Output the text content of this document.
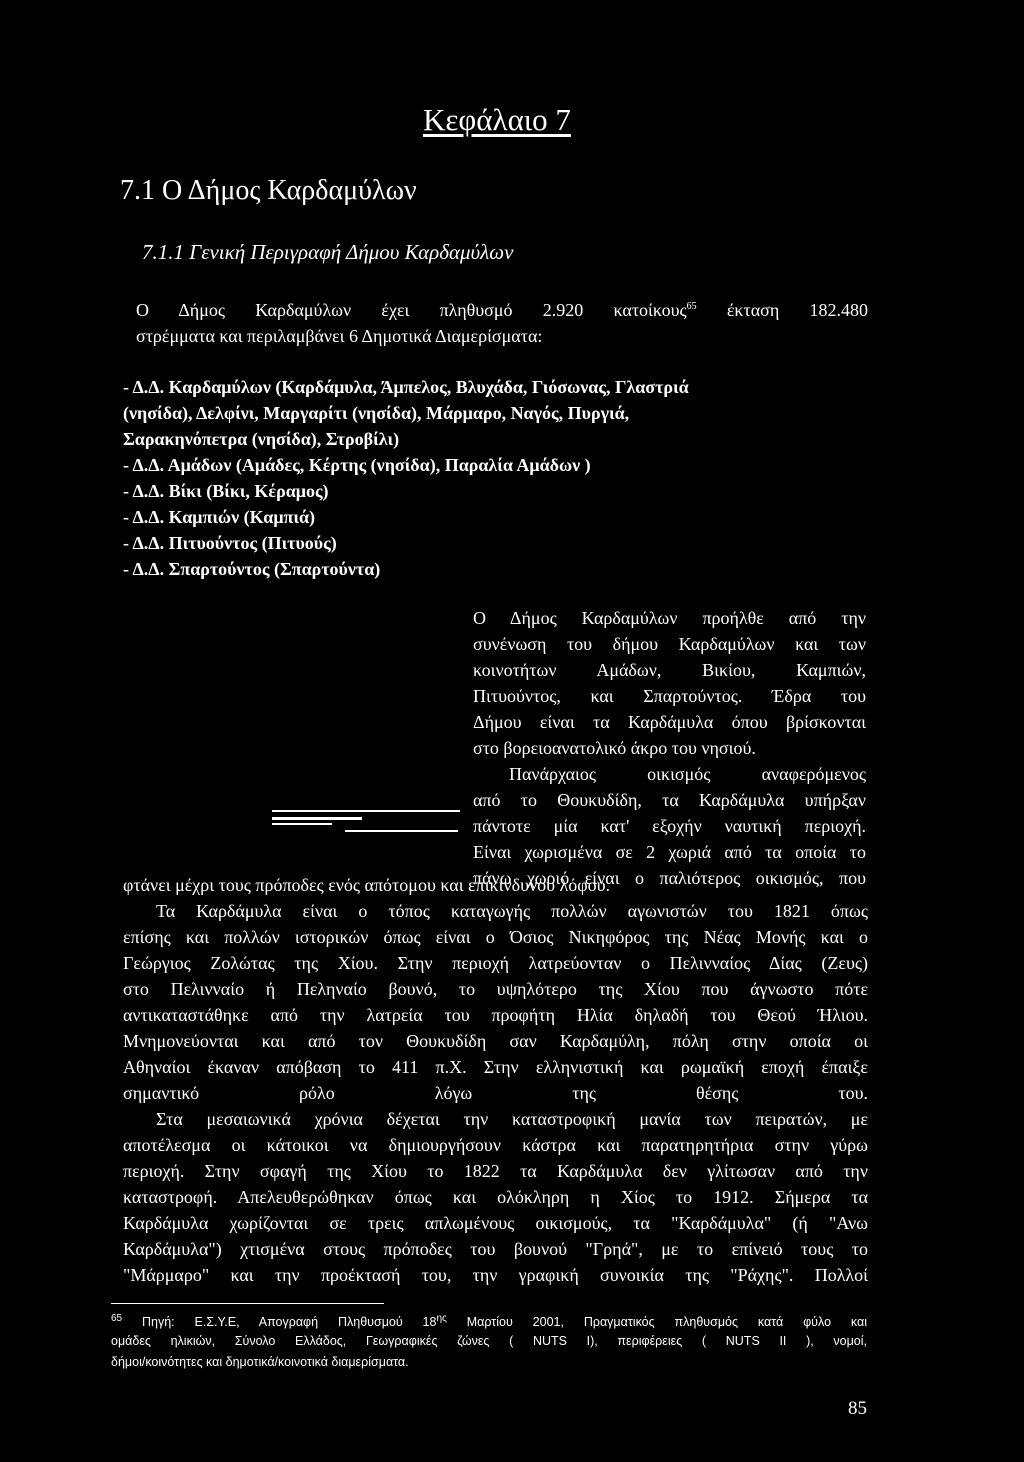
Κεφάλαιο 7
7.1 Ο Δήμος Καρδαμύλων
7.1.1 Γενική Περιγραφή Δήμου Καρδαμύλων
Ο Δήμος Καρδαμύλων έχει πληθυσμό 2.920 κατοίκους$^{65}$ έκταση 182.480
στρέμματα και περιλαμβάνει 6 Δημοτικά Διαμερίσματα:
- Δ.Δ. Καρδαμύλων (Καρδάμυλα, Άμπελος, Βλυχάδα, Γιόσωνας, Γλαστριά
(νησίδα), Δελφίνι, Μαργαρίτι (νησίδα), Μάρμαρο, Ναγός, Πυργιά,
Σαρακηνόπετρα (νησίδα), Στροβίλι)
- Δ.Δ. Αμάδων (Αμάδες, Κέρτης (νησίδα), Παραλία Αμάδων )
- Δ.Δ. Βίκι (Βίκι, Κέραμος)
- Δ.Δ. Καμπιών (Καμπιά)
- Δ.Δ. Πιτυούντος (Πιτυούς)
- Δ.Δ. Σπαρτούντος (Σπαρτούντα)
Ο Δήμος Καρδαμύλων προήλθε από την
συνένωση του δήμου Καρδαμύλων και των
κοινοτήτων Αμάδων, Βικίου, Καμπιών,
Πιτυούντος, και Σπαρτούντος. Έδρα του
Δήμου είναι τα Καρδάμυλα όπου βρίσκονται
στο βορειοανατολικό άκρο του νησιού.
Πανάρχαιος οικισμός αναφερόμενος
από το Θουκυδίδη, τα Καρδάμυλα υπήρξαν
πάντοτε μία κατ' εξοχήν ναυτική περιοχή.
Είναι χωρισμένα σε 2 χωριά από τα οποία το
πάνω χωριό είναι ο παλιότερος οικισμός, που
φτάνει μέχρι τους πρόποδες ενός απότομου και επικίνδυνου λόφου.
Τα Καρδάμυλα είναι ο τόπος καταγωγής πολλών αγωνιστών του 1821 όπως
επίσης και πολλών ιστορικών όπως είναι ο Όσιος Νικηφόρος της Νέας Μονής και ο
Γεώργιος Ζολώτας της Χίου. Στην περιοχή λατρεύονταν ο Πελινναίος Δίας (Ζευς)
στο Πελινναίο ή Πεληναίο βουνό, το υψηλότερο της Χίου που άγνωστο πότε
αντικαταστάθηκε από την λατρεία του προφήτη Ηλία δηλαδή του Θεού Ήλιου.
Μνημονεύονται και από τον Θουκυδίδη σαν Καρδαμύλη, πόλη στην οποία οι
Αθηναίοι έκαναν απόβαση το 411 π.Χ. Στην ελληνιστική και ρωμαϊκή εποχή έπαιξε
σημαντικό ρόλο λόγω της θέσης του.
Στα μεσαιωνικά χρόνια δέχεται την καταστροφική μανία των πειρατών, με
αποτέλεσμα οι κάτοικοι να δημιουργήσουν κάστρα και παρατηρητήρια στην γύρω
περιοχή. Στην σφαγή της Χίου το 1822 τα Καρδάμυλα δεν γλίτωσαν από την
καταστροφή. Απελευθερώθηκαν όπως και ολόκληρη η Χίος το 1912. Σήμερα τα
Καρδάμυλα χωρίζονται σε τρεις απλωμένους οικισμούς, τα "Καρδάμυλα" (ή "Ανω
Καρδάμυλα") χτισμένα στους πρόποδες του βουνού "Γρηά", με το επίνειό τους το
"Μάρμαρο" και την προέκτασή του, την γραφική συνοικία της "Ράχης". Πολλοί
$^{65}$ Πηγή: Ε.Σ.Υ.Ε, Απογραφή Πληθυσμού $18^{\eta\varsigma}$ Μαρτίου 2001, Πραγματικός πληθυσμός κατά φύλο και
ομάδες ηλικιών, Σύνολο Ελλάδος, Γεωγραφικές ζώνες ( NUTS I), περιφέρειες ( NUTS II ), νομοί,
δήμοι/κοινότητες και δημοτικά/κοινοτικά διαμερίσματα.
85
